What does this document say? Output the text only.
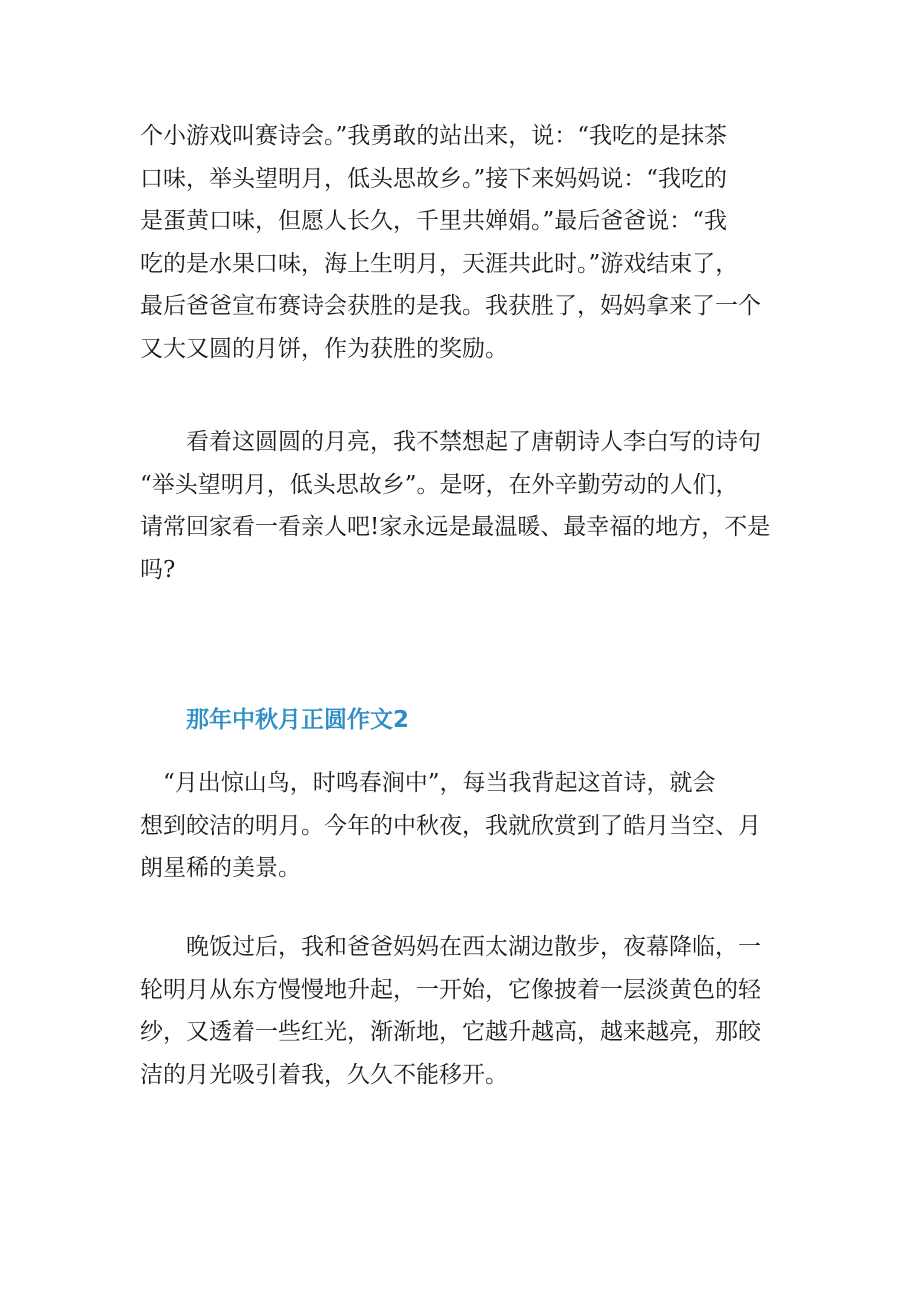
个小游戏叫赛诗会。”我勇敢的站出来，说：“我吃的是抹茶
口味，举头望明月，低头思故乡。”接下来妈妈说：“我吃的
是蛋黄口味，但愿人长久，千里共婵娟。”最后爸爸说：“我
吃的是水果口味，海上生明月，天涯共此时。”游戏结束了，
最后爸爸宣布赛诗会获胜的是我。我获胜了，妈妈拿来了一个
又大又圆的月饼，作为获胜的奖励。

　　看着这圆圆的月亮，我不禁想起了唐朝诗人李白写的诗句
“举头望明月，低头思故乡”。是呀，在外辛勤劳动的人们，
请常回家看一看亲人吧!家永远是最温暖、最幸福的地方，不是
吗?

那年中秋月正圆作文2

　“月出惊山鸟，时鸣春涧中”，每当我背起这首诗，就会
想到皎洁的明月。今年的中秋夜，我就欣赏到了皓月当空、月
朗星稀的美景。

　　晚饭过后，我和爸爸妈妈在西太湖边散步，夜幕降临，一
轮明月从东方慢慢地升起，一开始，它像披着一层淡黄色的轻
纱，又透着一些红光，渐渐地，它越升越高，越来越亮，那皎
洁的月光吸引着我，久久不能移开。
